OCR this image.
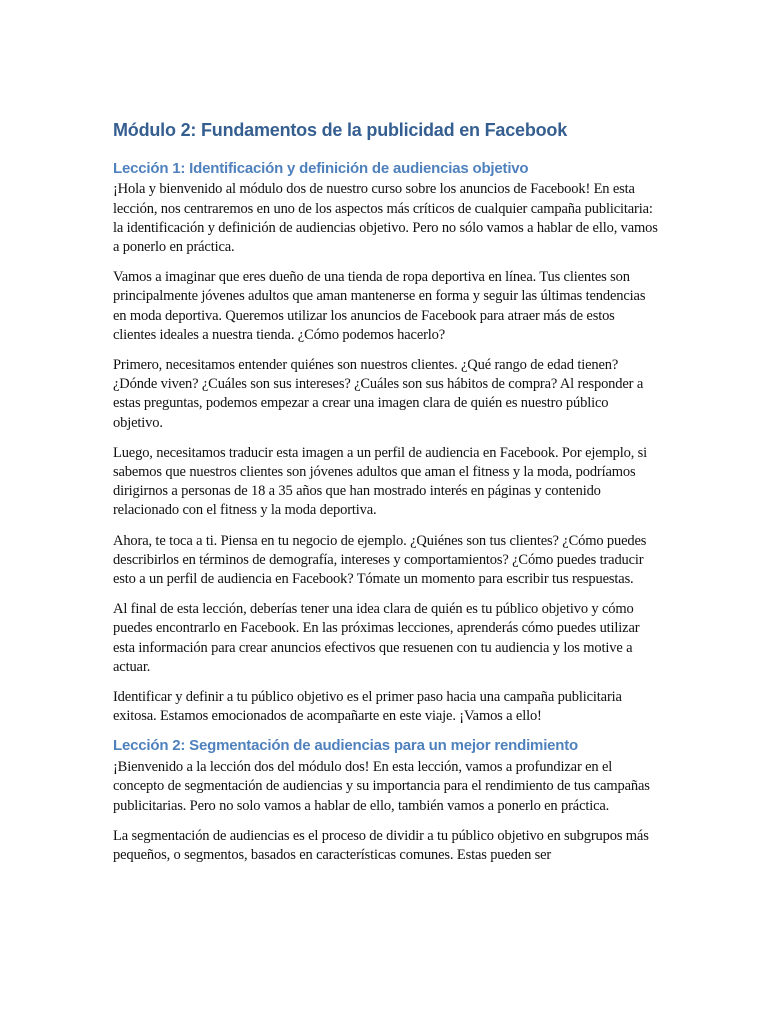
Módulo 2: Fundamentos de la publicidad en Facebook
Lección 1: Identificación y definición de audiencias objetivo

¡Hola y bienvenido al módulo dos de nuestro curso sobre los anuncios de Facebook! En esta lección, nos centraremos en uno de los aspectos más críticos de cualquier campaña publicitaria: la identificación y definición de audiencias objetivo. Pero no sólo vamos a hablar de ello, vamos a ponerlo en práctica.

Vamos a imaginar que eres dueño de una tienda de ropa deportiva en línea. Tus clientes son principalmente jóvenes adultos que aman mantenerse en forma y seguir las últimas tendencias en moda deportiva. Queremos utilizar los anuncios de Facebook para atraer más de estos clientes ideales a nuestra tienda. ¿Cómo podemos hacerlo?

Primero, necesitamos entender quiénes son nuestros clientes. ¿Qué rango de edad tienen? ¿Dónde viven? ¿Cuáles son sus intereses? ¿Cuáles son sus hábitos de compra? Al responder a estas preguntas, podemos empezar a crear una imagen clara de quién es nuestro público objetivo.

Luego, necesitamos traducir esta imagen a un perfil de audiencia en Facebook. Por ejemplo, si sabemos que nuestros clientes son jóvenes adultos que aman el fitness y la moda, podríamos dirigirnos a personas de 18 a 35 años que han mostrado interés en páginas y contenido relacionado con el fitness y la moda deportiva.

Ahora, te toca a ti. Piensa en tu negocio de ejemplo. ¿Quiénes son tus clientes? ¿Cómo puedes describirlos en términos de demografía, intereses y comportamientos? ¿Cómo puedes traducir esto a un perfil de audiencia en Facebook? Tómate un momento para escribir tus respuestas.

Al final de esta lección, deberías tener una idea clara de quién es tu público objetivo y cómo puedes encontrarlo en Facebook. En las próximas lecciones, aprenderás cómo puedes utilizar esta información para crear anuncios efectivos que resuenen con tu audiencia y los motive a actuar.

Identificar y definir a tu público objetivo es el primer paso hacia una campaña publicitaria exitosa. Estamos emocionados de acompañarte en este viaje. ¡Vamos a ello!

Lección 2: Segmentación de audiencias para un mejor rendimiento

¡Bienvenido a la lección dos del módulo dos! En esta lección, vamos a profundizar en el concepto de segmentación de audiencias y su importancia para el rendimiento de tus campañas publicitarias. Pero no solo vamos a hablar de ello, también vamos a ponerlo en práctica.

La segmentación de audiencias es el proceso de dividir a tu público objetivo en subgrupos más pequeños, o segmentos, basados en características comunes. Estas pueden ser
